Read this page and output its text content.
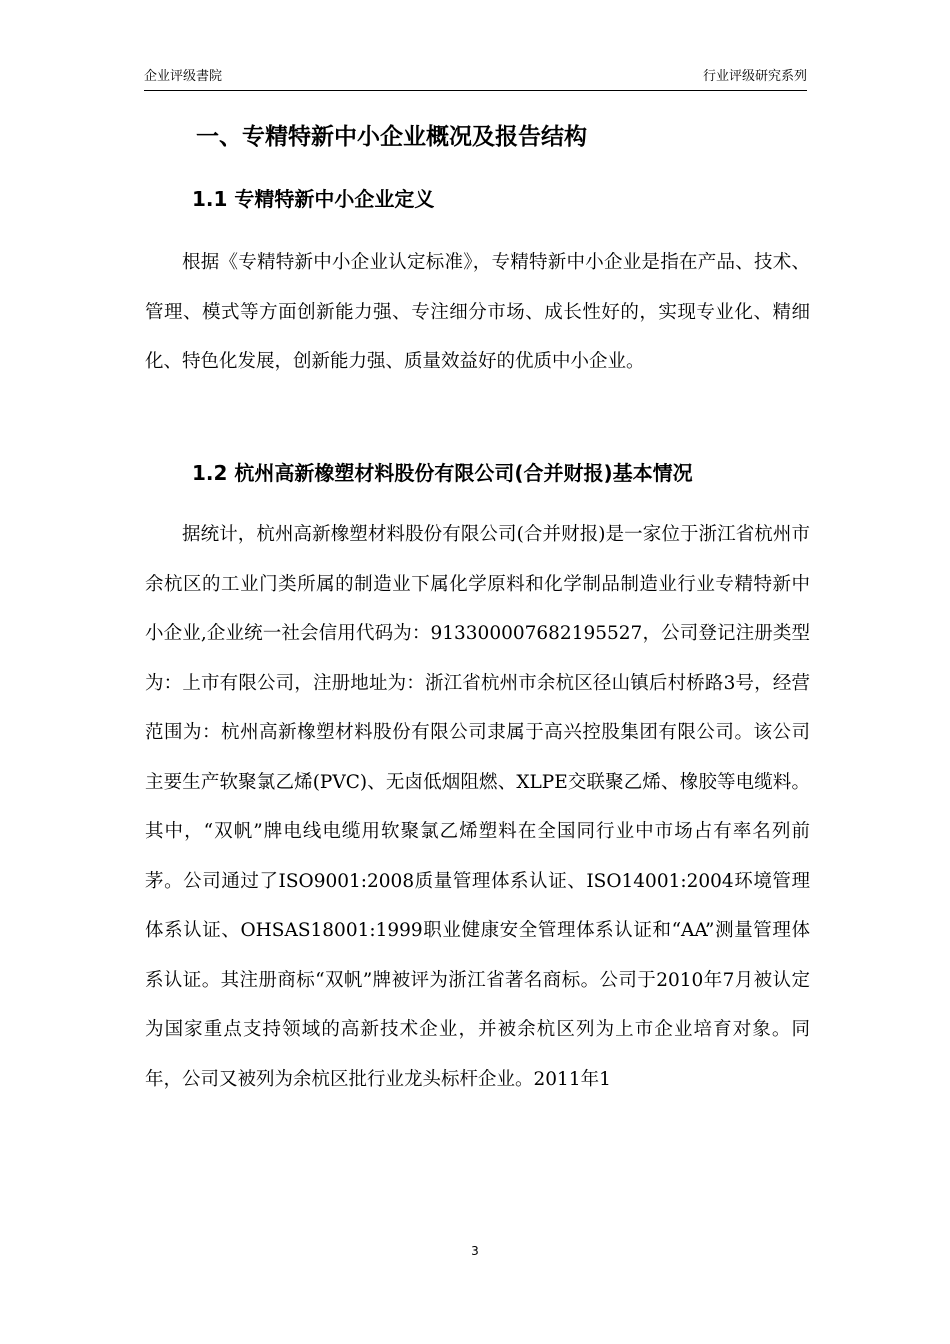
企业评级書院	行业评级研究系列
一、专精特新中小企业概况及报告结构
1.1 专精特新中小企业定义

根据《专精特新中小企业认定标准》，专精特新中小企业是指在产品、技术、管理、模式等方面创新能力强、专注细分市场、成长性好的，实现专业化、精细化、特色化发展，创新能力强、质量效益好的优质中小企业。

1.2 杭州高新橡塑材料股份有限公司(合并财报)基本情况

据统计，杭州高新橡塑材料股份有限公司(合并财报)是一家位于浙江省杭州市余杭区的工业门类所属的制造业下属化学原料和化学制品制造业行业专精特新中小企业,企业统一社会信用代码为：913300007682195527，公司登记注册类型为：上市有限公司，注册地址为：浙江省杭州市余杭区径山镇后村桥路3号，经营范围为：杭州高新橡塑材料股份有限公司隶属于高兴控股集团有限公司。该公司主要生产软聚氯乙烯(PVC)、无卤低烟阻燃、XLPE交联聚乙烯、橡胶等电缆料。其中，“双帆”牌电线电缆用软聚氯乙烯塑料在全国同行业中市场占有率名列前茅。公司通过了ISO9001:2008质量管理体系认证、ISO14001:2004环境管理体系认证、OHSAS18001:1999职业健康安全管理体系认证和“AA”测量管理体系认证。其注册商标“双帆”牌被评为浙江省著名商标。公司于2010年7月被认定为国家重点支持领域的高新技术企业，并被余杭区列为上市企业培育对象。同年，公司又被列为余杭区批行业龙头标杆企业。2011年1

3
